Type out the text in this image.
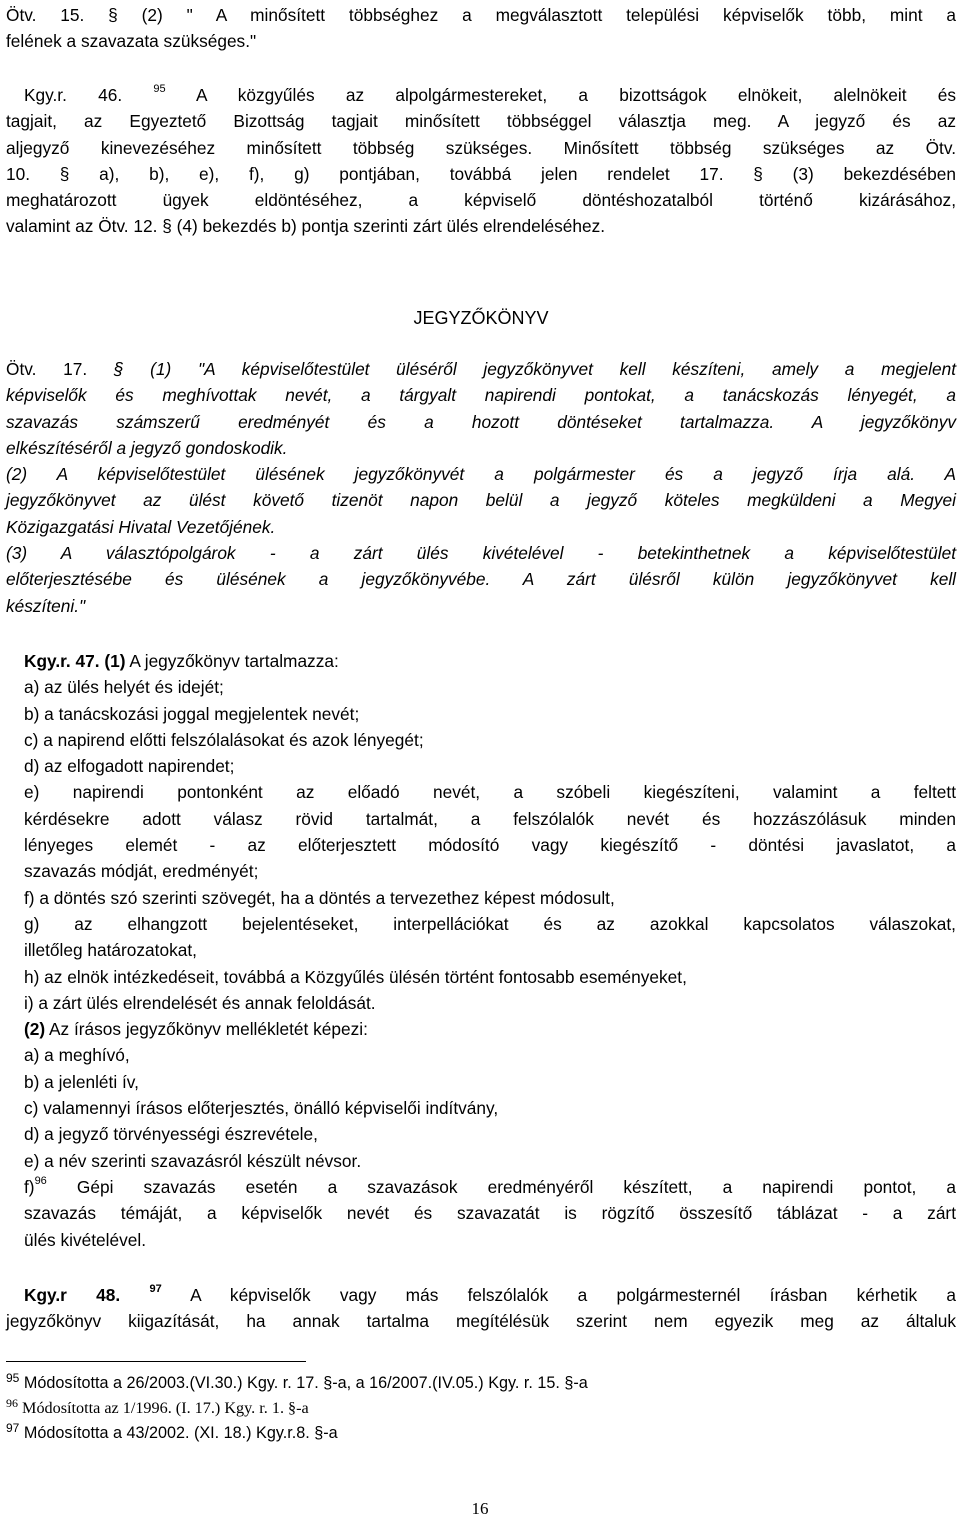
Ötv. 15. § (2) " A minősített többséghez a megválasztott települési képviselők több, mint a
felének a szavazata szükséges."
Kgy.r. 46.	$^{95}$ A közgyűlés az alpolgármestereket, a bizottságok elnökeit, alelnökeit és
tagjait, az Egyeztető Bizottság tagjait minősített többséggel választja meg. A jegyző és az
aljegyző kinevezéséhez minősített többség szükséges. Minősített többség szükséges az Ötv.
10. § a), b), e), f), g) pontjában, továbbá jelen rendelet 17. § (3) bekezdésében
meghatározott ügyek eldöntéséhez, a képviselő döntéshozatalból történő kizárásához,
valamint az Ötv. 12. § (4) bekezdés b) pontja szerinti zárt ülés elrendeléséhez.
JEGYZŐKÖNYV
Ötv. 17. § (1) "A képviselőtestület üléséről jegyzőkönyvet kell készíteni, amely a megjelent
képviselők és meghívottak nevét, a tárgyalt napirendi pontokat, a tanácskozás lényegét, a
szavazás számszerű eredményét és a hozott döntéseket tartalmazza. A jegyzőkönyv
elkészítéséről a jegyző gondoskodik.
(2) A képviselőtestület ülésének jegyzőkönyvét a polgármester és a jegyző írja alá. A
jegyzőkönyvet az ülést követő tizenöt napon belül a jegyző köteles megküldeni a Megyei
Közigazgatási Hivatal Vezetőjének.
(3) A választópolgárok - a zárt ülés kivételével - betekinthetnek a képviselőtestület
előterjesztésébe és ülésének a jegyzőkönyvébe. A zárt ülésről külön jegyzőkönyvet kell
készíteni."
Kgy.r. 47. (1) A jegyzőkönyv tartalmazza:
a) az ülés helyét és idejét;
b) a tanácskozási joggal megjelentek nevét;
c) a napirend előtti felszólalásokat és azok lényegét;
d) az elfogadott napirendet;
e) napirendi pontonként az előadó nevét, a szóbeli kiegészíteni, valamint a feltett
kérdésekre adott válasz rövid tartalmát, a felszólalók nevét és hozzászólásuk minden
lényeges elemét - az előterjesztett módosító vagy kiegészítő - döntési javaslatot, a
szavazás módját, eredményét;
f) a döntés szó szerinti szövegét, ha a döntés a tervezethez képest módosult,
g) az elhangzott bejelentéseket, interpellációkat és az azokkal kapcsolatos válaszokat,
illetőleg határozatokat,
h) az elnök intézkedéseit, továbbá a Közgyűlés ülésén történt fontosabb eseményeket,
i) a zárt ülés elrendelését és annak feloldását.
(2) Az írásos jegyzőkönyv mellékletét képezi:
a) a meghívó,
b) a jelenléti ív,
c) valamennyi írásos előterjesztés, önálló képviselői indítvány,
d) a jegyző törvényességi észrevétele,
e) a név szerinti szavazásról készült névsor.
f)$^{96}$ Gépi szavazás esetén a szavazások eredményéről készített, a napirendi pontot, a
szavazás témáját, a képviselők nevét és szavazatát is rögzítő összesítő táblázat - a zárt
ülés kivételével.
Kgy.r 48.	$^{97}$ A képviselők vagy más felszólalók a polgármesternél írásban kérhetik a
jegyzőkönyv kiigazítását, ha annak tartalma megítélésük szerint nem egyezik meg az általuk
$^{95}$ Módosította a 26/2003.(VI.30.) Kgy. r. 17. §-a, a 16/2007.(IV.05.) Kgy. r. 15. §-a
$^{96}$ Módosította az 1/1996. (I. 17.) Kgy. r. 1. §-a
$^{97}$ Módosította a 43/2002. (XI. 18.) Kgy.r.8. §-a
16
